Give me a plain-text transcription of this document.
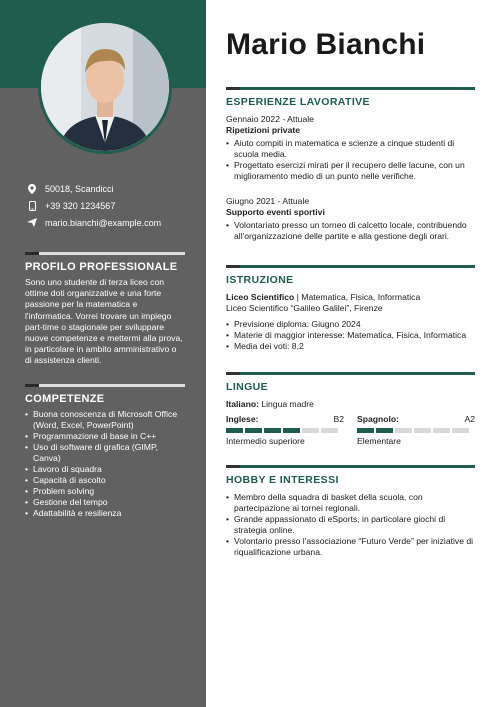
50018, Scandicci
+39 320 1234567
mario.bianchi@example.com
PROFILO PROFESSIONALE
Sono uno studente di terza liceo con ottime doti organizzative e una forte passione per la matematica e l'informatica. Vorrei trovare un impiego part-time o stagionale per sviluppare nuove competenze e mettermi alla prova, in particolare in ambito amministrativo o di assistenza clienti.
COMPETENZE
• Buona conoscenza di Microsoft Office (Word, Excel, PowerPoint)
• Programmazione di base in C++
• Uso di software di grafica (GIMP, Canva)
• Lavoro di squadra
• Capacità di ascolto
• Problem solving
• Gestione del tempo
• Adattabilità e resilienza
Mario Bianchi
ESPERIENZE LAVORATIVE
Gennaio 2022 - Attuale
Ripetizioni private
• Aiuto compiti in matematica e scienze a cinque studenti di scuola media.
• Progettato esercizi mirati per il recupero delle lacune, con un miglioramento medio di un punto nelle verifiche.
Giugno 2021 - Attuale
Supporto eventi sportivi
• Volontariato presso un torneo di calcetto locale, contribuendo all'organizzazione delle partite e alla gestione degli orari.
ISTRUZIONE
Liceo Scientifico | Matematica, Fisica, Informatica
Liceo Scientifico “Galileo Galilei”, Firenze
• Previsione diploma: Giugno 2024
• Materie di maggior interesse: Matematica, Fisica, Informatica
• Media dei voti: 8,2
LINGUE
Italiano: Lingua madre
Inglese:	B2
Intermedio superiore
Spagnolo:	A2
Elementare
HOBBY E INTERESSI
• Membro della squadra di basket della scuola, con partecipazione ai tornei regionali.
• Grande appassionato di eSports, in particolare giochi di strategia online.
• Volontario presso l'associazione “Futuro Verde” per iniziative di riqualificazione urbana.
